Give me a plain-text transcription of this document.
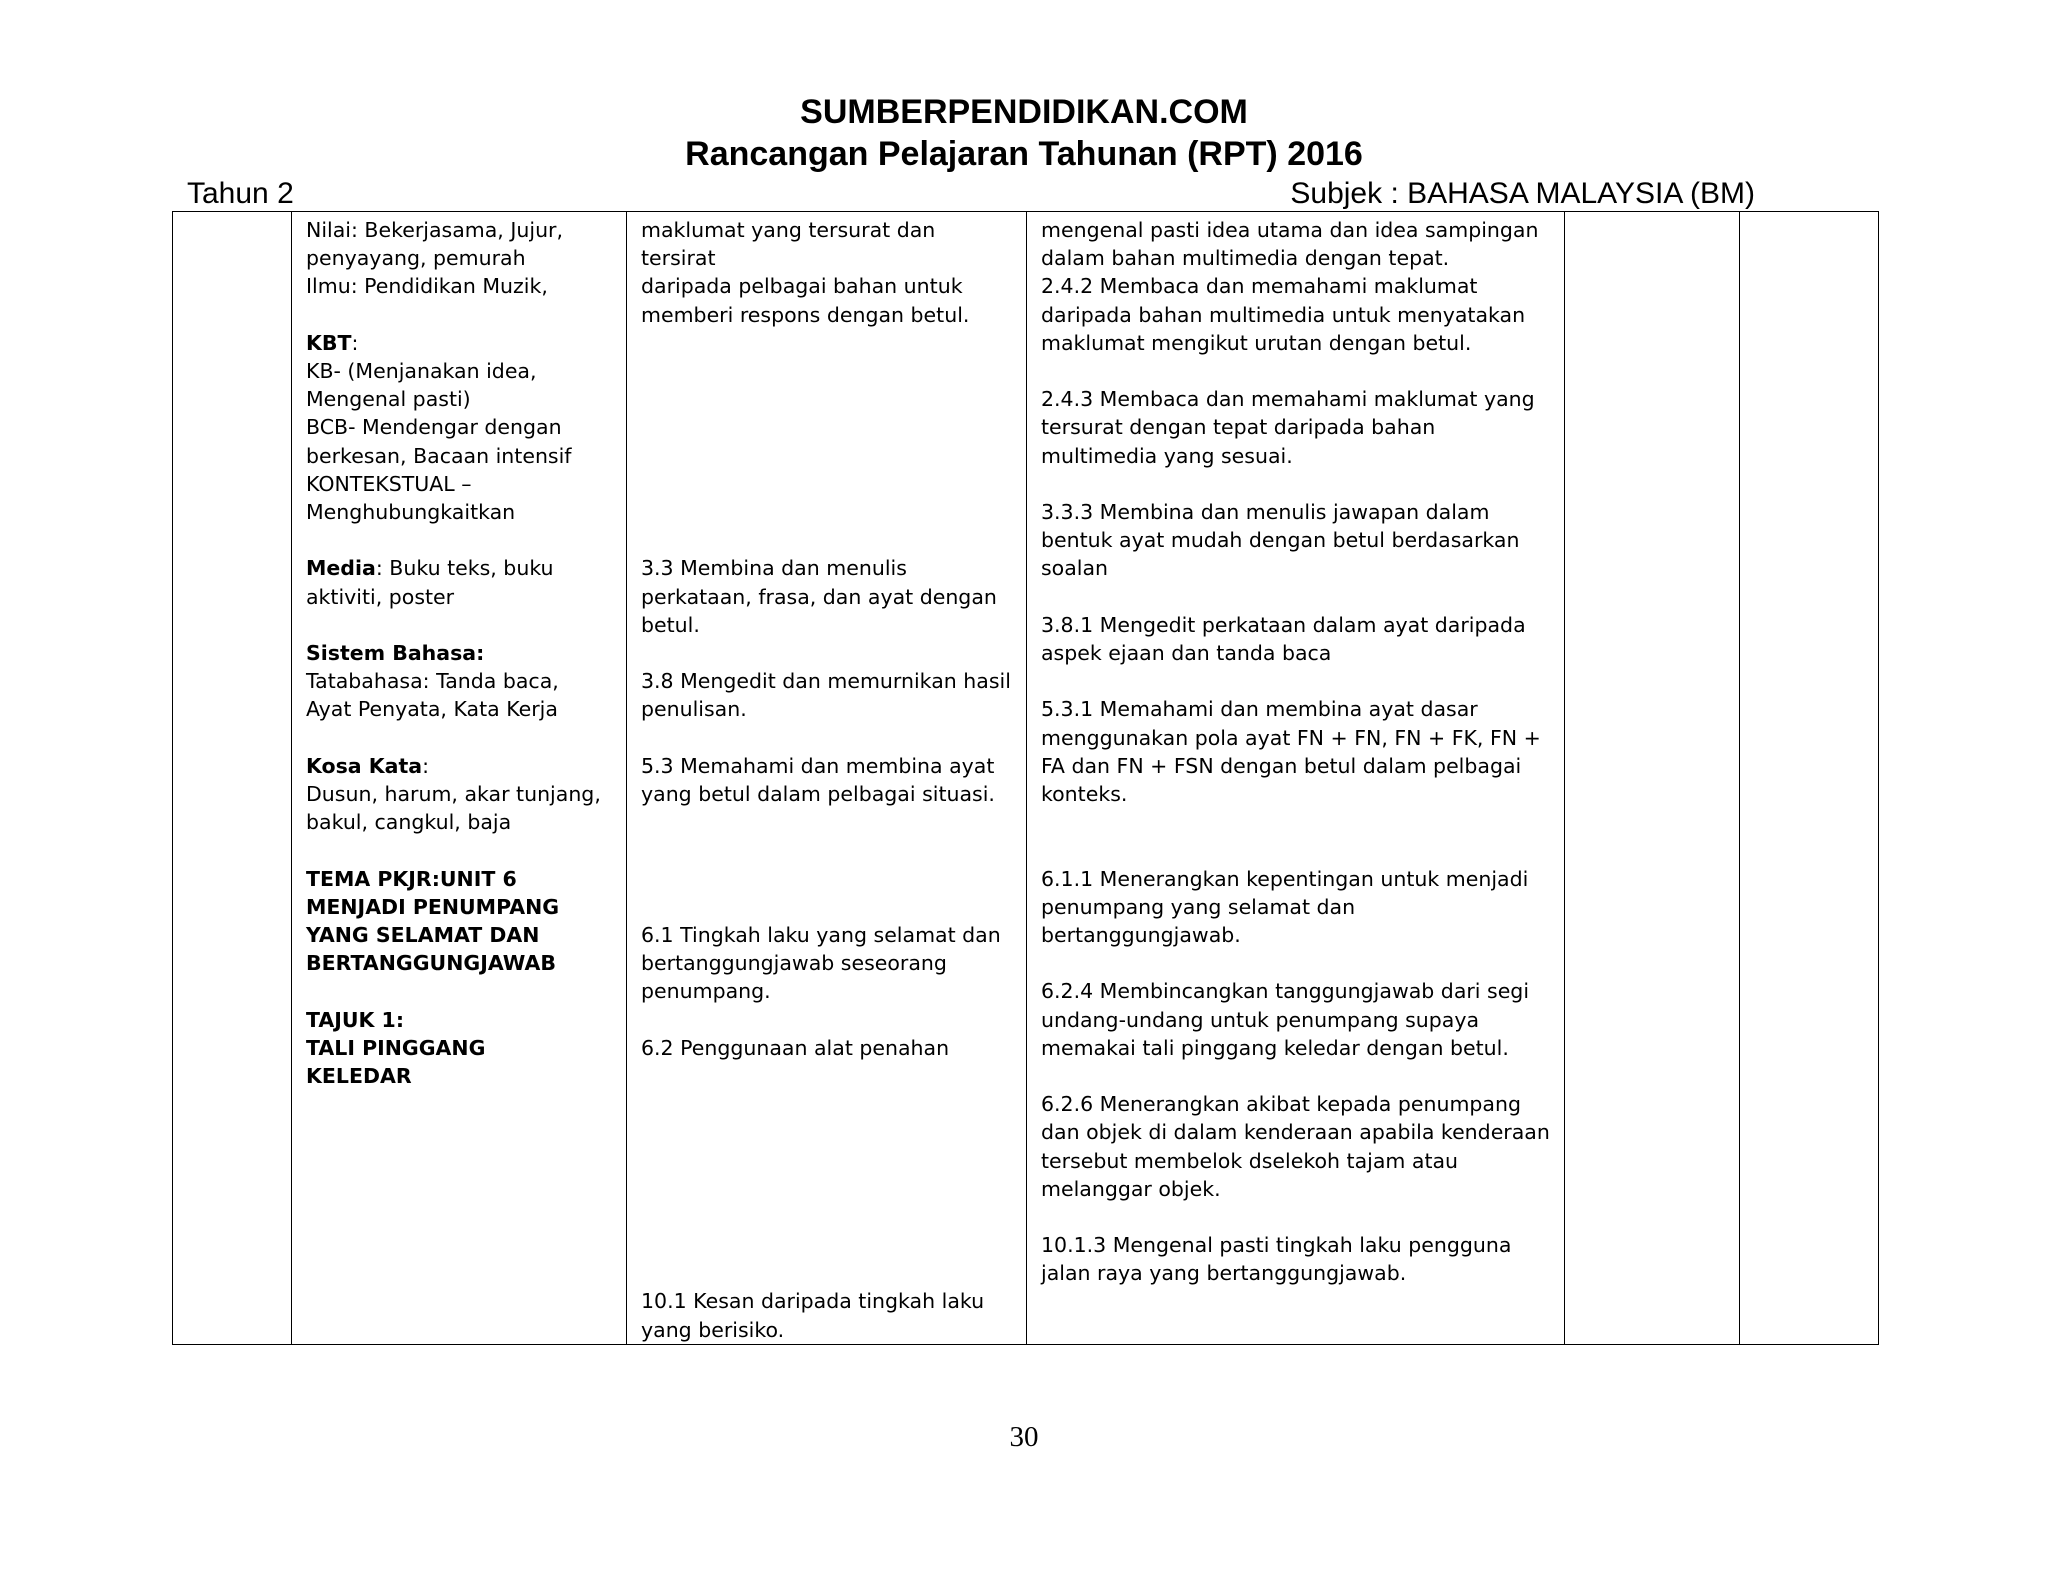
SUMBERPENDIDIKAN.COM
Rancangan Pelajaran Tahunan (RPT) 2016
Tahun 2	Subjek : BAHASA MALAYSIA (BM)

Nilai: Bekerjasama, Jujur,
penyayang, pemurah
Ilmu: Pendidikan Muzik,
KBT:
KB- (Menjanakan idea,
Mengenal pasti)
BCB- Mendengar dengan
berkesan, Bacaan intensif
KONTEKSTUAL –
Menghubungkaitkan
Media: Buku teks, buku
aktiviti, poster
Sistem Bahasa:
Tatabahasa: Tanda baca,
Ayat Penyata, Kata Kerja
Kosa Kata:
Dusun, harum, akar tunjang,
bakul, cangkul, baja
TEMA PKJR:UNIT 6
MENJADI PENUMPANG
YANG SELAMAT DAN
BERTANGGUNGJAWAB
TAJUK 1:
TALI PINGGANG
KELEDAR

maklumat yang tersurat dan tersirat
daripada pelbagai bahan untuk
memberi respons dengan betul.
3.3 Membina dan menulis
perkataan, frasa, dan ayat dengan
betul.
3.8 Mengedit dan memurnikan hasil
penulisan.
5.3 Memahami dan membina ayat
yang betul dalam pelbagai situasi.
6.1 Tingkah laku yang selamat dan
bertanggungjawab seseorang
penumpang.
6.2 Penggunaan alat penahan
10.1 Kesan daripada tingkah laku
yang berisiko.

mengenal pasti idea utama dan idea sampingan
dalam bahan multimedia dengan tepat.
2.4.2 Membaca dan memahami maklumat
daripada bahan multimedia untuk menyatakan
maklumat mengikut urutan dengan betul.
2.4.3 Membaca dan memahami maklumat yang
tersurat dengan tepat daripada bahan
multimedia yang sesuai.
3.3.3 Membina dan menulis jawapan dalam
bentuk ayat mudah dengan betul berdasarkan
soalan
3.8.1 Mengedit perkataan dalam ayat daripada
aspek ejaan dan tanda baca
5.3.1 Memahami dan membina ayat dasar
menggunakan pola ayat FN + FN, FN + FK, FN +
FA dan FN + FSN dengan betul dalam pelbagai
konteks.
6.1.1 Menerangkan kepentingan untuk menjadi
penumpang yang selamat dan
bertanggungjawab.
6.2.4 Membincangkan tanggungjawab dari segi
undang-undang untuk penumpang supaya
memakai tali pinggang keledar dengan betul.
6.2.6 Menerangkan akibat kepada penumpang
dan objek di dalam kenderaan apabila kenderaan
tersebut membelok dselekoh tajam atau
melanggar objek.
10.1.3 Mengenal pasti tingkah laku pengguna
jalan raya yang bertanggungjawab.

30
